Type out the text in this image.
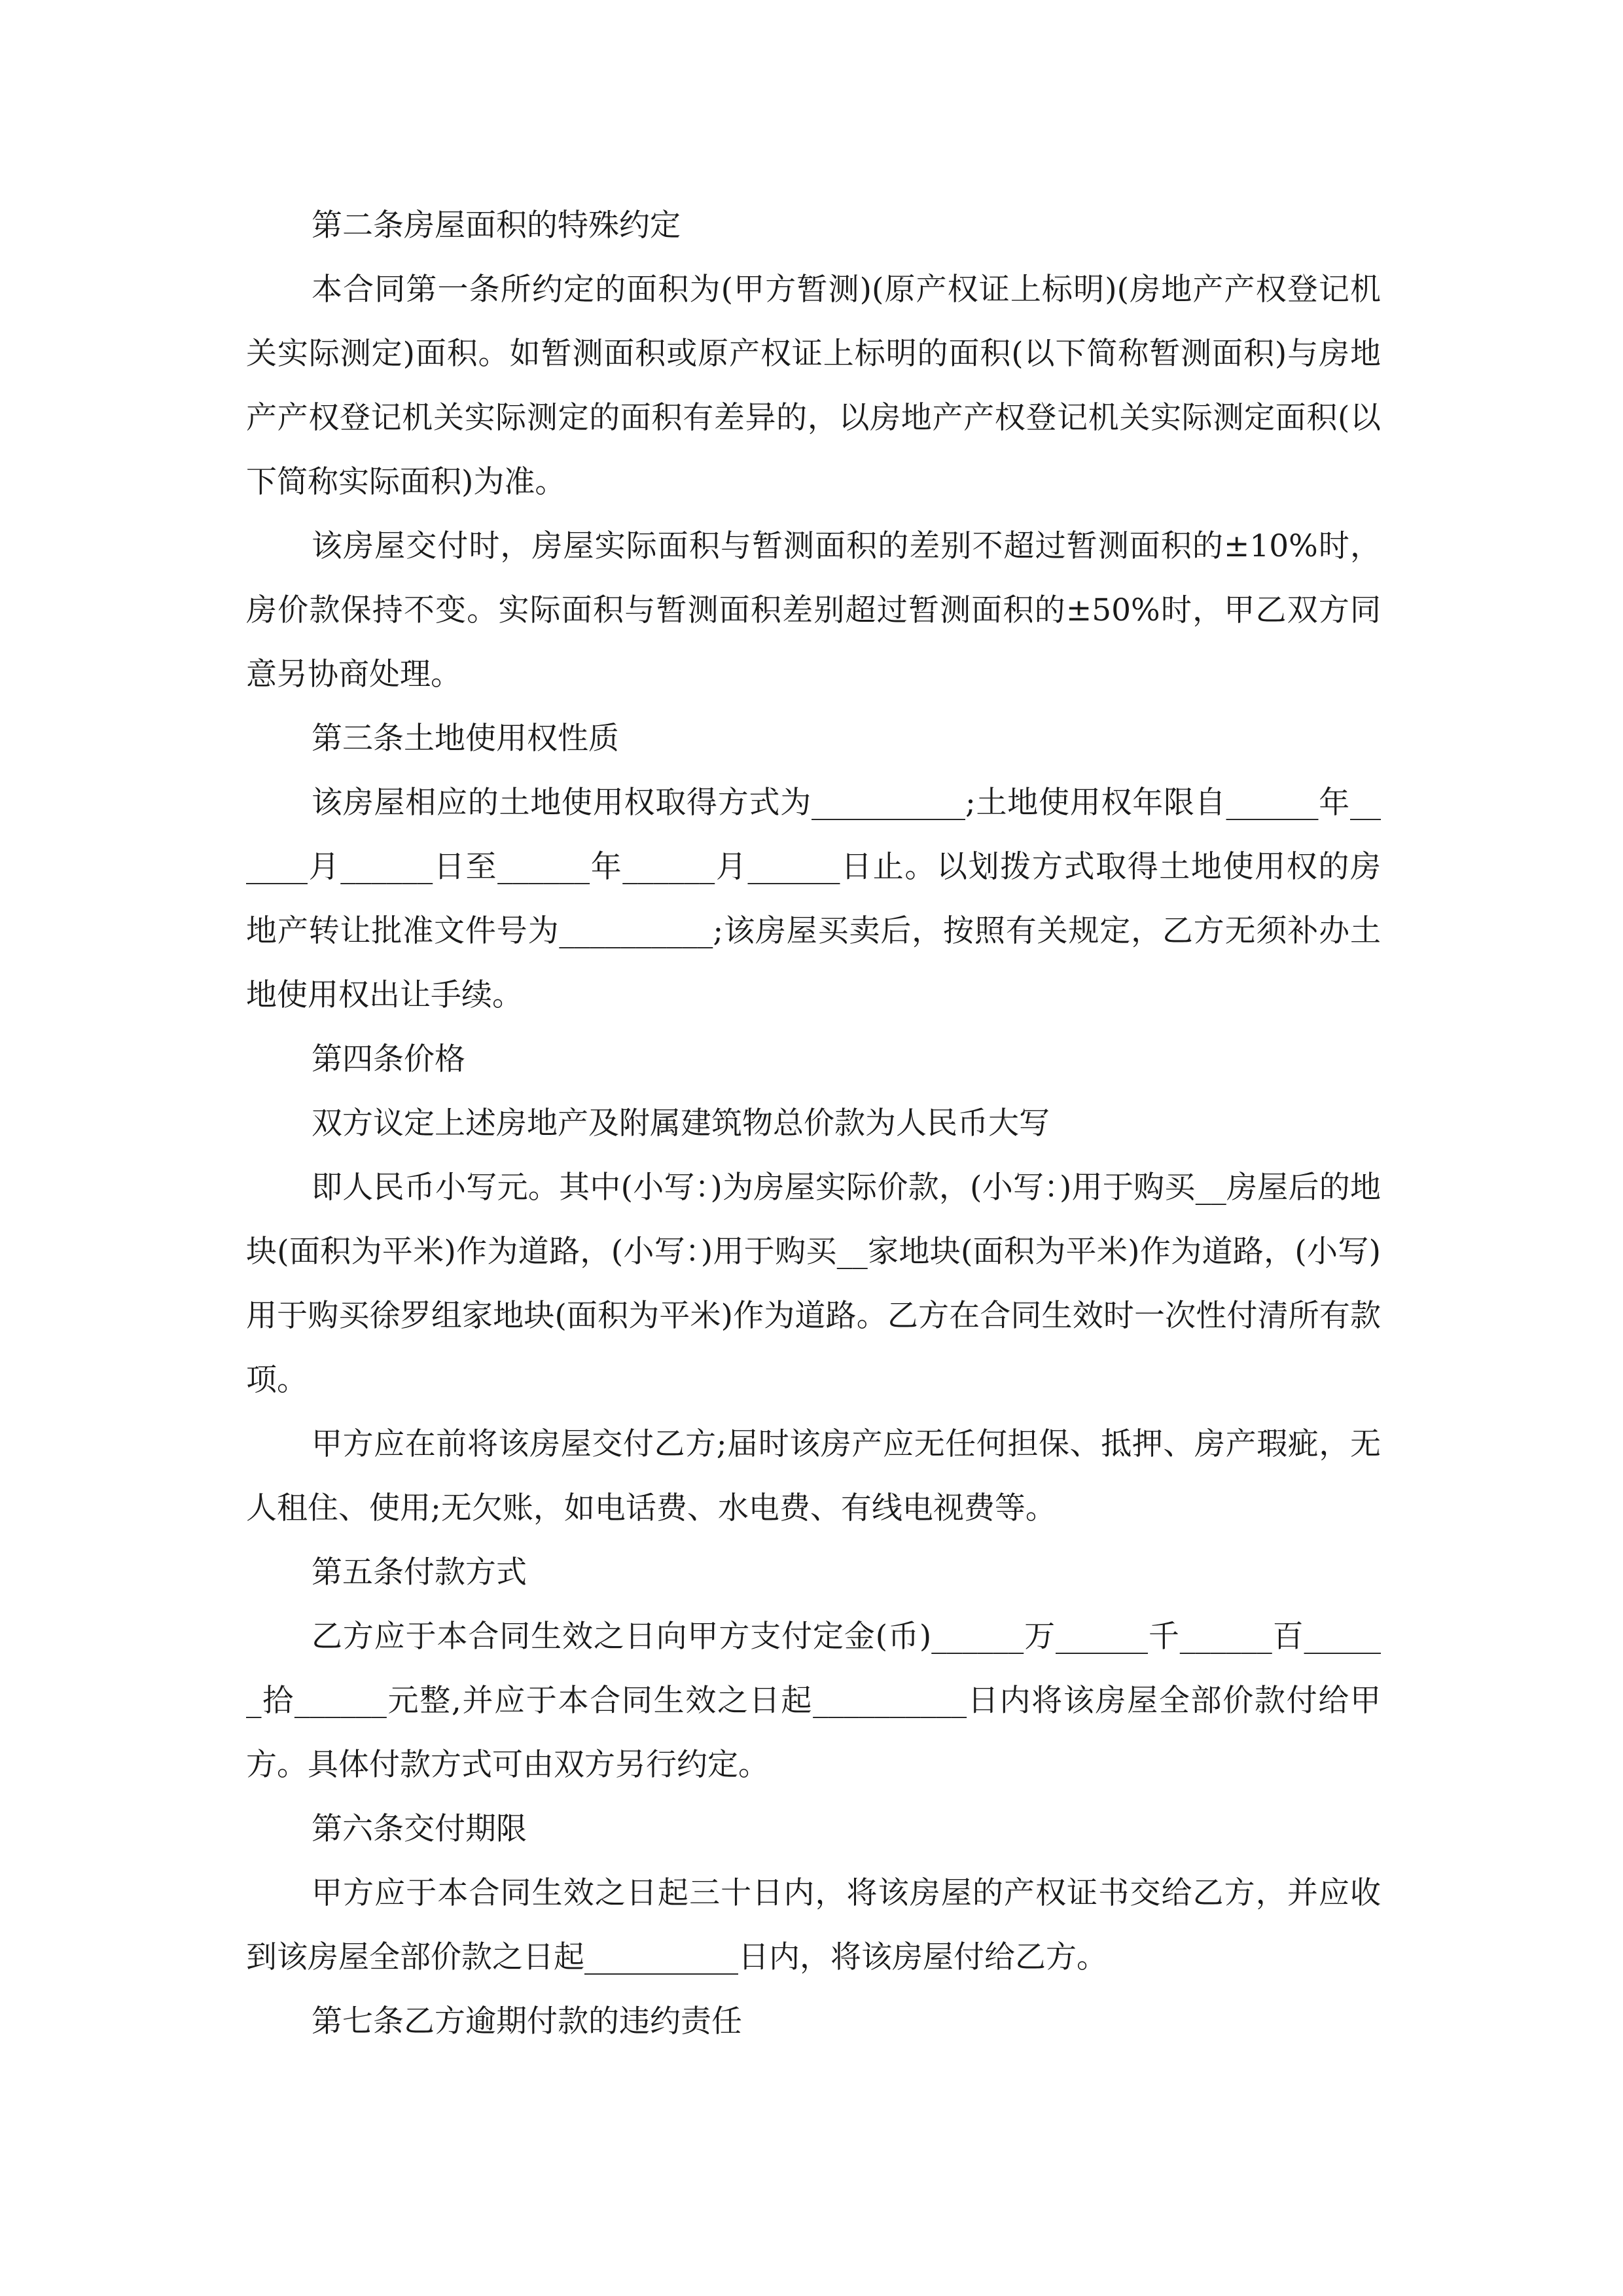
第二条房屋面积的特殊约定

本合同第一条所约定的面积为(甲方暂测)(原产权证上标明)(房地产产权登记机关实际测定)面积。如暂测面积或原产权证上标明的面积(以下简称暂测面积)与房地产产权登记机关实际测定的面积有差异的，以房地产产权登记机关实际测定面积(以下简称实际面积)为准。

该房屋交付时，房屋实际面积与暂测面积的差别不超过暂测面积的±10%时，房价款保持不变。实际面积与暂测面积差别超过暂测面积的±50%时，甲乙双方同意另协商处理。

第三条土地使用权性质

该房屋相应的土地使用权取得方式为__________;土地使用权年限自______年______月______日至______年______月______日止。以划拨方式取得土地使用权的房地产转让批准文件号为__________;该房屋买卖后，按照有关规定，乙方无须补办土地使用权出让手续。

第四条价格

双方议定上述房地产及附属建筑物总价款为人民币大写

即人民币小写元。其中(小写：)为房屋实际价款，(小写：)用于购买__房屋后的地块(面积为平米)作为道路，(小写：)用于购买__家地块(面积为平米)作为道路，(小写)用于购买徐罗组家地块(面积为平米)作为道路。乙方在合同生效时一次性付清所有款项。

甲方应在前将该房屋交付乙方;届时该房产应无任何担保、抵押、房产瑕疵，无人租住、使用;无欠账，如电话费、水电费、有线电视费等。

第五条付款方式

乙方应于本合同生效之日向甲方支付定金(币)______万______千______百______拾______元整,并应于本合同生效之日起__________日内将该房屋全部价款付给甲方。具体付款方式可由双方另行约定。

第六条交付期限

甲方应于本合同生效之日起三十日内，将该房屋的产权证书交给乙方，并应收到该房屋全部价款之日起__________日内，将该房屋付给乙方。

第七条乙方逾期付款的违约责任
